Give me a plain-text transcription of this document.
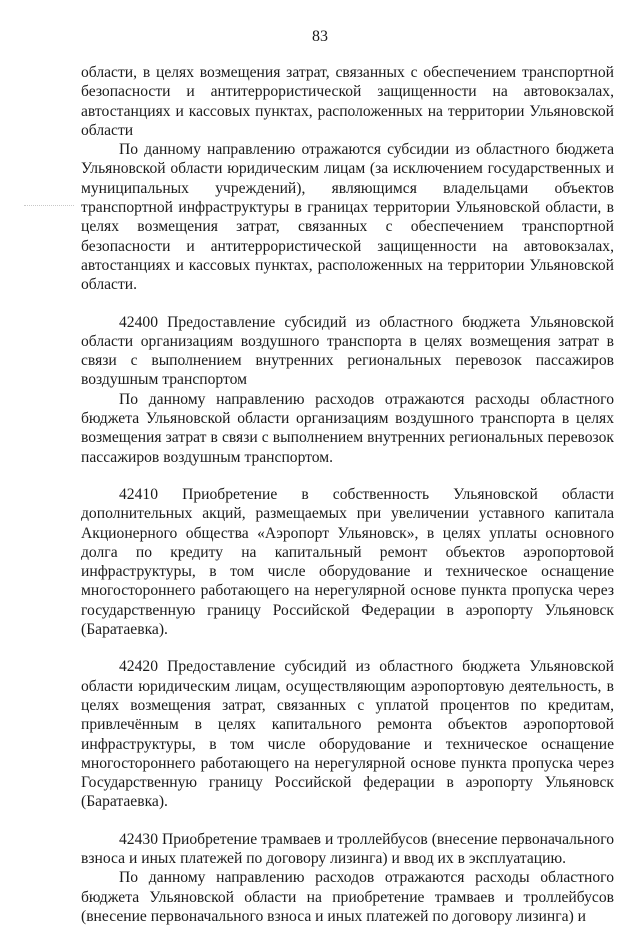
83

области, в целях возмещения затрат, связанных с обеспечением транспортной безопасности и антитеррористической защищенности на автовокзалах, автостанциях и кассовых пунктах, расположенных на территории Ульяновской области

По данному направлению отражаются субсидии из областного бюджета Ульяновской области юридическим лицам (за исключением государственных и муниципальных учреждений), являющимся владельцами объектов транспортной инфраструктуры в границах территории Ульяновской области, в целях возмещения затрат, связанных с обеспечением транспортной безопасности и антитеррористической защищенности на автовокзалах, автостанциях и кассовых пунктах, расположенных на территории Ульяновской области.

42400 Предоставление субсидий из областного бюджета Ульяновской области организациям воздушного транспорта в целях возмещения затрат в связи с выполнением внутренних региональных перевозок пассажиров воздушным транспортом

По данному направлению расходов отражаются расходы областного бюджета Ульяновской области организациям воздушного транспорта в целях возмещения затрат в связи с выполнением внутренних региональных перевозок пассажиров воздушным транспортом.

42410 Приобретение в собственность Ульяновской области дополнительных акций, размещаемых при увеличении уставного капитала Акционерного общества «Аэропорт Ульяновск», в целях уплаты основного долга по кредиту на капитальный ремонт объектов аэропортовой инфраструктуры, в том числе оборудование и техническое оснащение многостороннего работающего на нерегулярной основе пункта пропуска через государственную границу Российской Федерации в аэропорту Ульяновск (Баратаевка).

42420 Предоставление субсидий из областного бюджета Ульяновской области юридическим лицам, осуществляющим аэропортовую деятельность, в целях возмещения затрат, связанных с уплатой процентов по кредитам, привлечённым в целях капитального ремонта объектов аэропортовой инфраструктуры, в том числе оборудование и техническое оснащение многостороннего работающего на нерегулярной основе пункта пропуска через Государственную границу Российской федерации в аэропорту Ульяновск (Баратаевка).

42430 Приобретение трамваев и троллейбусов (внесение первоначального взноса и иных платежей по договору лизинга) и ввод их в эксплуатацию.

По данному направлению расходов отражаются расходы областного бюджета Ульяновской области на приобретение трамваев и троллейбусов (внесение первоначального взноса и иных платежей по договору лизинга) и
